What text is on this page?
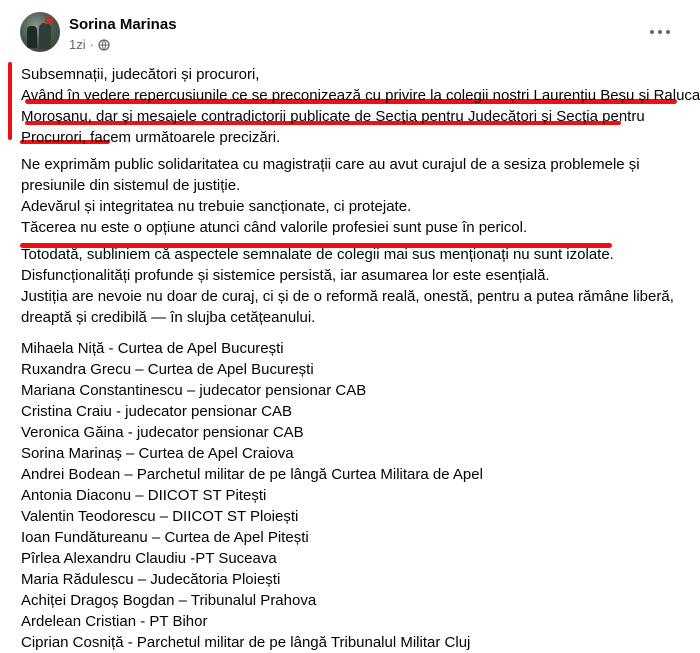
Sorina Marinas
1zi ·
Subsemnații, judecători și procurori,
Având în vedere repercusiunile ce se preconizează cu privire la colegii noștri Laurențiu Beșu și Raluca
Moroșanu, dar și mesajele contradictorii publicate de Secția pentru Judecători și Secția pentru
Procurori, facem următoarele precizări.
Ne exprimăm public solidaritatea cu magistrații care au avut curajul de a sesiza problemele și
presiunile din sistemul de justiție.
Adevărul și integritatea nu trebuie sancționate, ci protejate.
Tăcerea nu este o opțiune atunci când valorile profesiei sunt puse în pericol.
Totodată, subliniem că aspectele semnalate de colegii mai sus menționați nu sunt izolate.
Disfuncționalități profunde și sistemice persistă, iar asumarea lor este esențială.
Justiția are nevoie nu doar de curaj, ci și de o reformă reală, onestă, pentru a putea rămâne liberă,
dreaptă și credibilă — în slujba cetățeanului.
Mihaela Niță - Curtea de Apel București
Ruxandra Grecu – Curtea de Apel București
Mariana Constantinescu – judecator pensionar CAB
Cristina Craiu - judecator pensionar CAB
Veronica Găina - judecator pensionar CAB
Sorina Marinaș – Curtea de Apel Craiova
Andrei Bodean – Parchetul militar de pe lângă Curtea Militara de Apel
Antonia Diaconu – DIICOT ST Pitești
Valentin Teodorescu – DIICOT ST Ploiești
Ioan Fundătureanu – Curtea de Apel Pitești
Pîrlea Alexandru Claudiu -PT Suceava
Maria Rădulescu – Judecătoria Ploiești
Achiței Dragoș Bogdan – Tribunalul Prahova
Ardelean Cristian - PT Bihor
Ciprian Cosniță - Parchetul militar de pe lângă Tribunalul Militar Cluj
